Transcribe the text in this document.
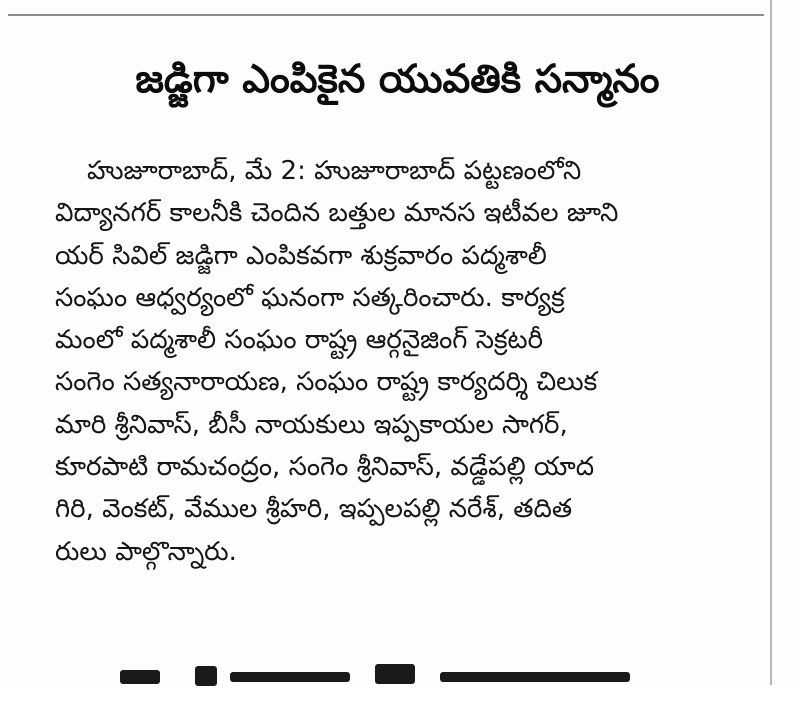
జడ్జిగా ఎంపికైన యువతికి సన్మానం
హుజూరాబాద్, మే 2: హుజూరాబాద్ పట్టణంలోని
విద్యానగర్ కాలనీకి చెందిన బత్తుల మానస ఇటీవల జూని
యర్ సివిల్ జడ్జిగా ఎంపికవగా శుక్రవారం పద్మశాలీ
సంఘం ఆధ్వర్యంలో ఘనంగా సత్కరించారు. కార్యక్ర
మంలో పద్మశాలీ సంఘం రాష్ట్ర ఆర్గనైజింగ్ సెక్రటరీ
సంగెం సత్యనారాయణ, సంఘం రాష్ట్ర కార్యదర్శి చిలుక
మారి శ్రీనివాస్, బీసీ నాయకులు ఇప్పకాయల సాగర్,
కూరపాటి రామచంద్రం, సంగెం శ్రీనివాస్, వడ్డేపల్లి యాద
గిరి, వెంకట్, వేముల శ్రీహరి, ఇప్పలపల్లి నరేశ్, తదిత
రులు పాల్గొన్నారు.
